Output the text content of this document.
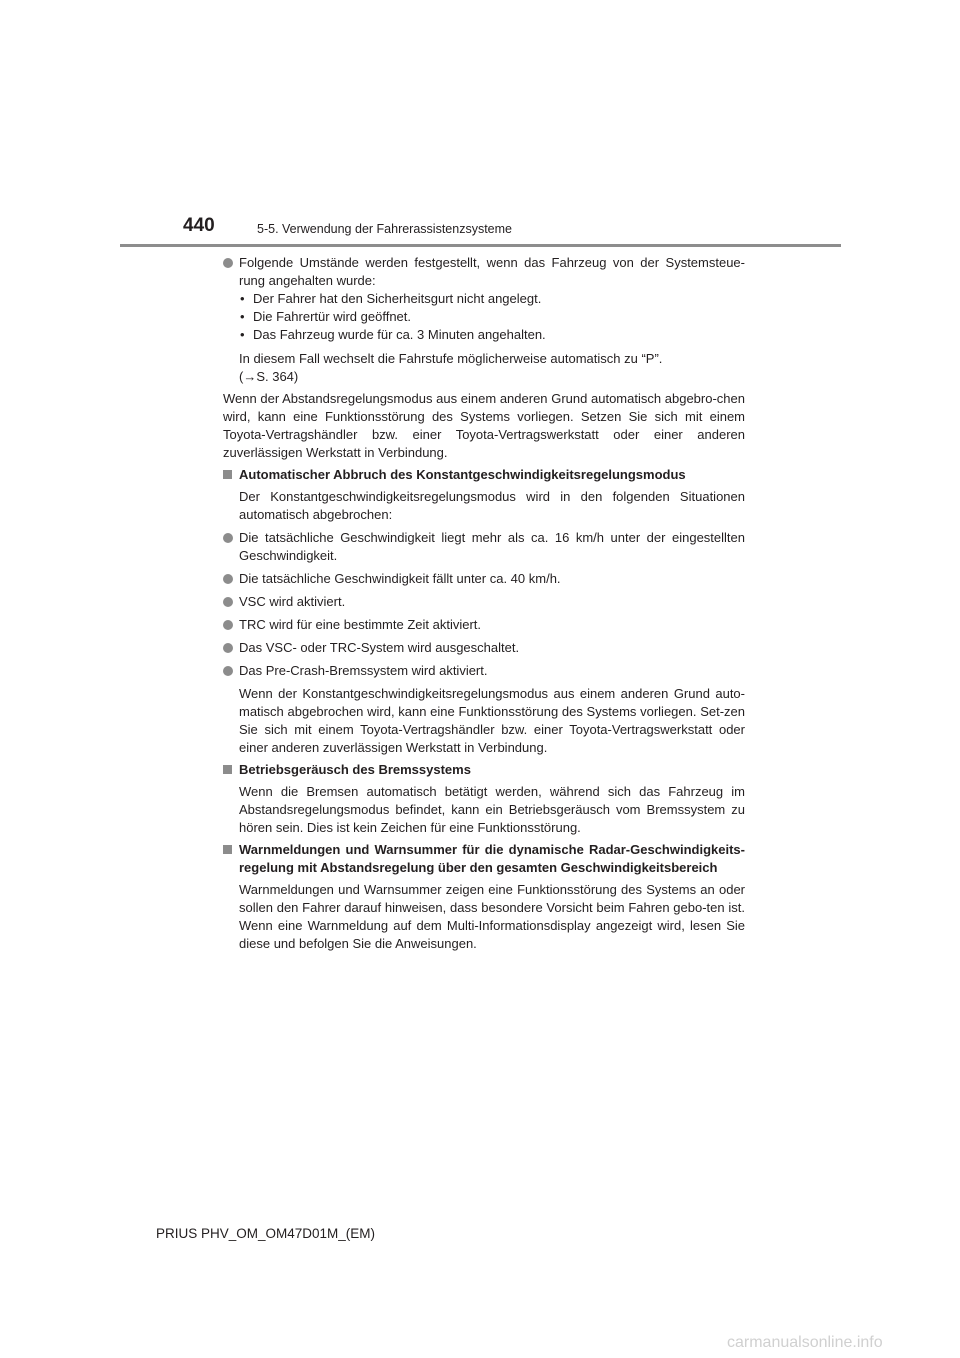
440	5-5. Verwendung der Fahrerassistenzsysteme
Folgende Umstände werden festgestellt, wenn das Fahrzeug von der Systemsteue-rung angehalten wurde:
• Der Fahrer hat den Sicherheitsgurt nicht angelegt.
• Die Fahrertür wird geöffnet.
• Das Fahrzeug wurde für ca. 3 Minuten angehalten.
In diesem Fall wechselt die Fahrstufe möglicherweise automatisch zu “P”.
(→S. 364)

Wenn der Abstandsregelungsmodus aus einem anderen Grund automatisch abgebro-chen wird, kann eine Funktionsstörung des Systems vorliegen. Setzen Sie sich mit einem Toyota-Vertragshändler bzw. einer Toyota-Vertragswerkstatt oder einer anderen zuverlässigen Werkstatt in Verbindung.

Automatischer Abbruch des Konstantgeschwindigkeitsregelungsmodus

Der Konstantgeschwindigkeitsregelungsmodus wird in den folgenden Situationen automatisch abgebrochen:

Die tatsächliche Geschwindigkeit liegt mehr als ca. 16 km/h unter der eingestellten Geschwindigkeit.
Die tatsächliche Geschwindigkeit fällt unter ca. 40 km/h.
VSC wird aktiviert.
TRC wird für eine bestimmte Zeit aktiviert.
Das VSC- oder TRC-System wird ausgeschaltet.
Das Pre-Crash-Bremssystem wird aktiviert.

Wenn der Konstantgeschwindigkeitsregelungsmodus aus einem anderen Grund auto-matisch abgebrochen wird, kann eine Funktionsstörung des Systems vorliegen. Set-zen Sie sich mit einem Toyota-Vertragshändler bzw. einer Toyota-Vertragswerkstatt oder einer anderen zuverlässigen Werkstatt in Verbindung.

Betriebsgeräusch des Bremssystems

Wenn die Bremsen automatisch betätigt werden, während sich das Fahrzeug im Abstandsregelungsmodus befindet, kann ein Betriebsgeräusch vom Bremssystem zu hören sein. Dies ist kein Zeichen für eine Funktionsstörung.

Warnmeldungen und Warnsummer für die dynamische Radar-Geschwindigkeits-regelung mit Abstandsregelung über den gesamten Geschwindigkeitsbereich

Warnmeldungen und Warnsummer zeigen eine Funktionsstörung des Systems an oder sollen den Fahrer darauf hinweisen, dass besondere Vorsicht beim Fahren gebo-ten ist. Wenn eine Warnmeldung auf dem Multi-Informationsdisplay angezeigt wird, lesen Sie diese und befolgen Sie die Anweisungen.

PRIUS PHV_OM_OM47D01M_(EM)
carmanualsonline.info
